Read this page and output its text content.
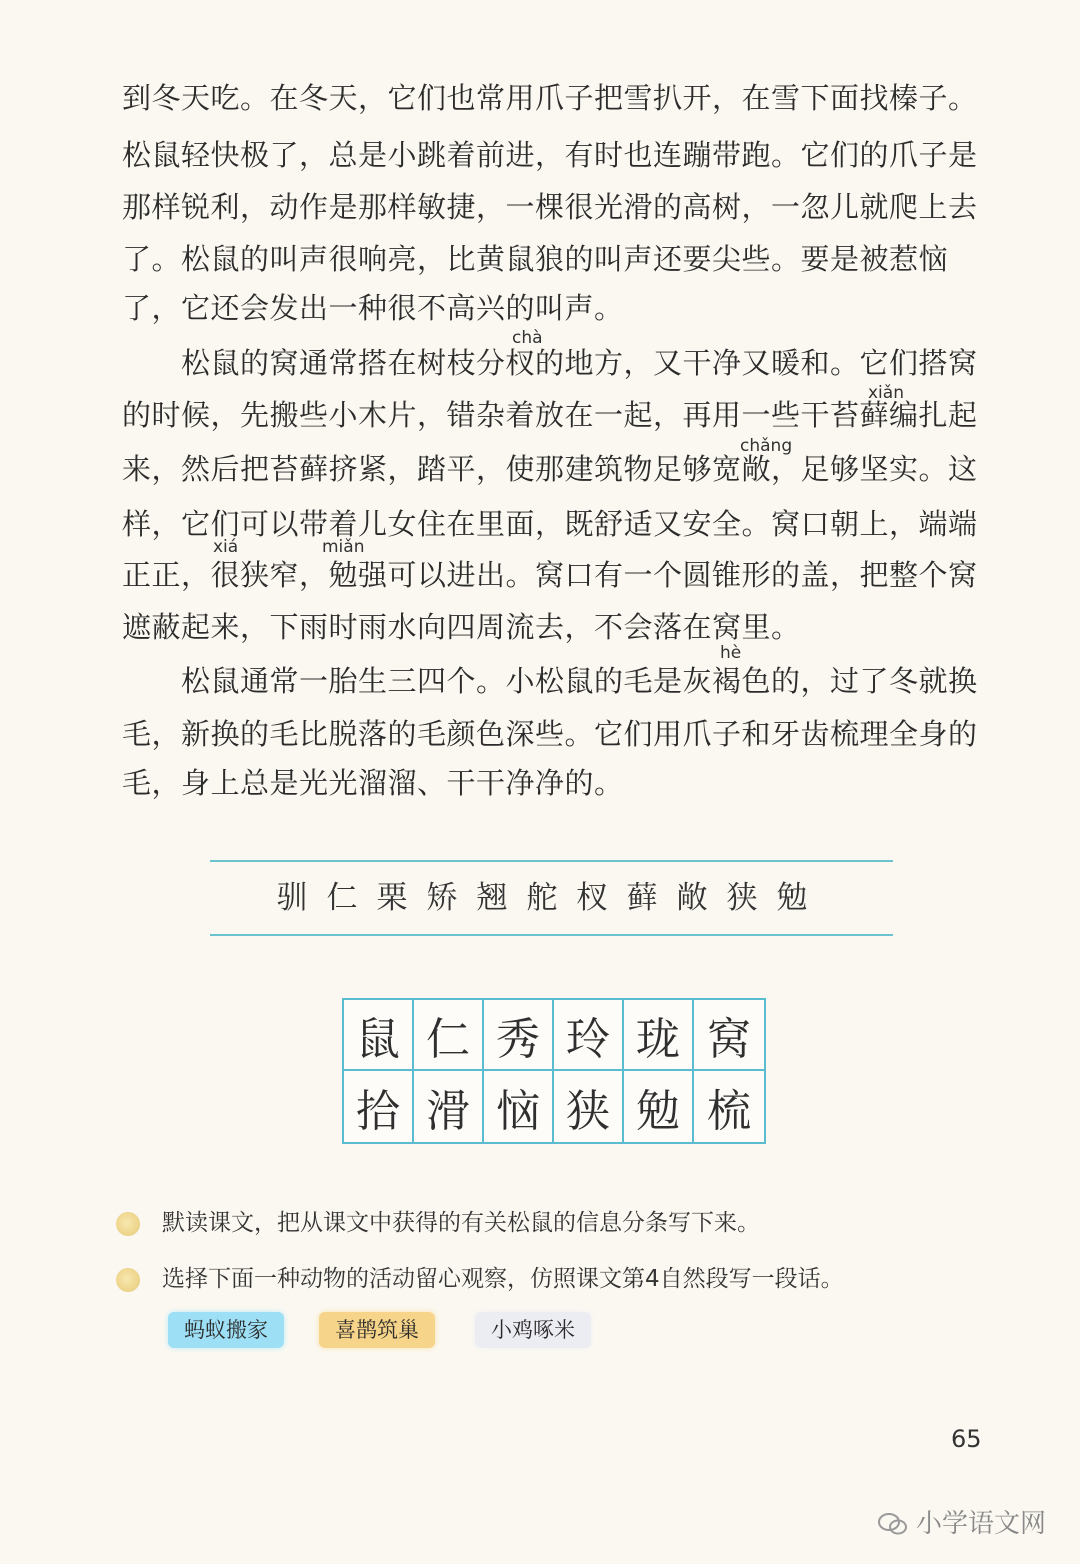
到冬天吃。在冬天，它们也常用爪子把雪扒开，在雪下面找榛子。
松鼠轻快极了，总是小跳着前进，有时也连蹦带跑。它们的爪子是
那样锐利，动作是那样敏捷，一棵很光滑的高树，一忽儿就爬上去
了。松鼠的叫声很响亮，比黄鼠狼的叫声还要尖些。要是被惹恼
了，它还会发出一种很不高兴的叫声。
　　松鼠的窝通常搭在树枝分杈的地方，又干净又暖和。它们搭窝
的时候，先搬些小木片，错杂着放在一起，再用一些干苔藓编扎起
来，然后把苔藓挤紧，踏平，使那建筑物足够宽敞，足够坚实。这
样，它们可以带着儿女住在里面，既舒适又安全。窝口朝上，端端
正正，很狭窄，勉强可以进出。窝口有一个圆锥形的盖，把整个窝
遮蔽起来，下雨时雨水向四周流去，不会落在窝里。
　　松鼠通常一胎生三四个。小松鼠的毛是灰褐色的，过了冬就换
毛，新换的毛比脱落的毛颜色深些。它们用爪子和牙齿梳理全身的
毛，身上总是光光溜溜、干干净净的。
chà
xiǎn
chǎng
xiá	miǎn
hè
驯仁栗矫翘舵杈藓敞狭勉
鼠 仁 秀 玲 珑 窝
拾 滑 恼 狭 勉 梳
默读课文，把从课文中获得的有关松鼠的信息分条写下来。
选择下面一种动物的活动留心观察，仿照课文第4自然段写一段话。
蚂蚁搬家	喜鹊筑巢	小鸡啄米
65
小学语文网
